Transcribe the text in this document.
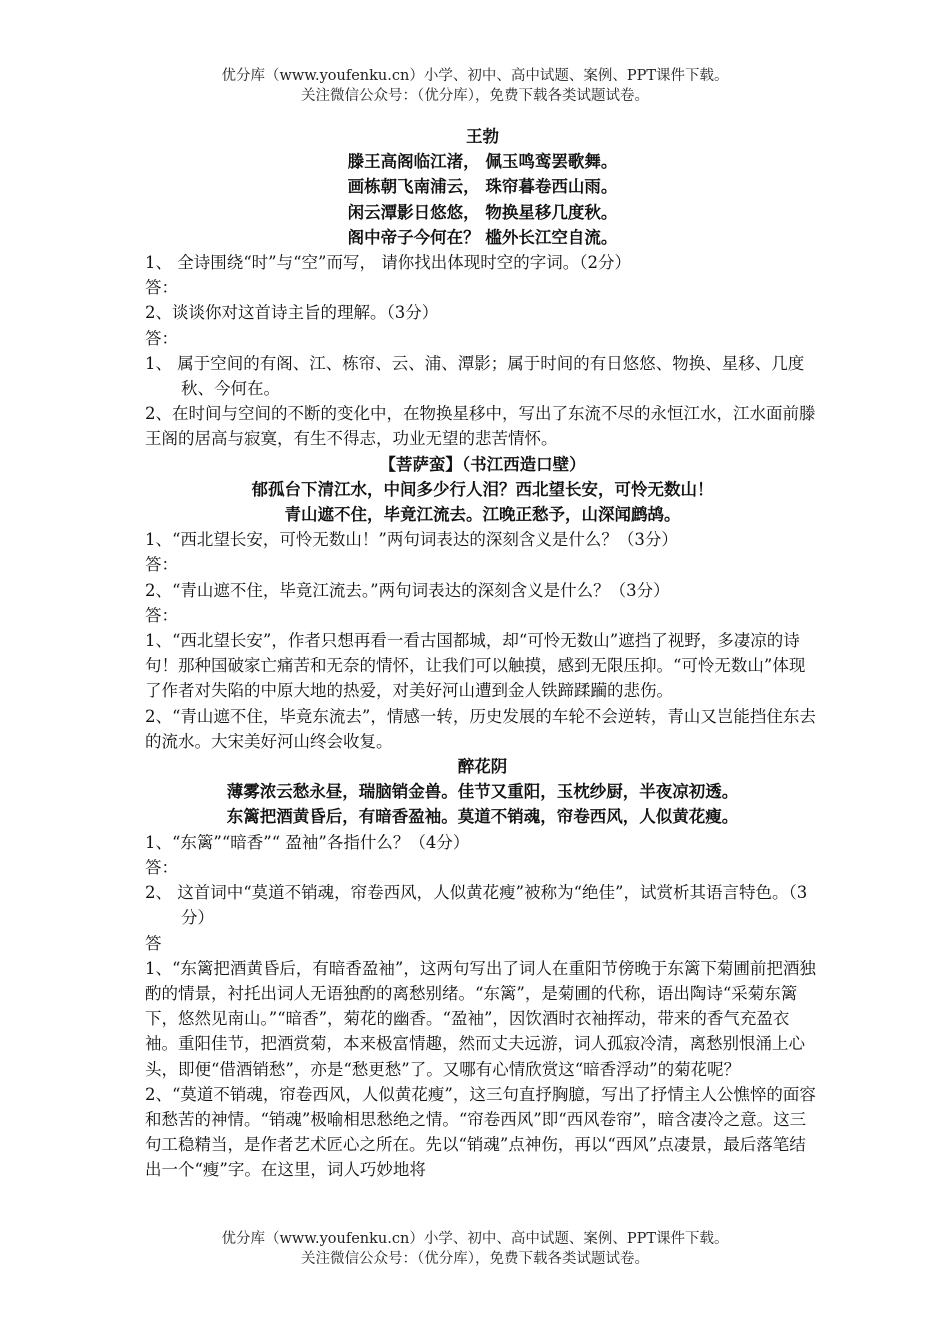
优分库（www.youfenku.cn）小学、初中、高中试题、案例、PPT课件下载。
关注微信公众号：（优分库），免费下载各类试题试卷。
王勃
滕王高阁临江渚， 佩玉鸣鸾罢歌舞。
画栋朝飞南浦云， 珠帘暮卷西山雨。
闲云潭影日悠悠， 物换星移几度秋。
阁中帝子今何在？ 槛外长江空自流。
1、 全诗围绕“时”与“空”而写， 请你找出体现时空的字词。（2分）
答：
2、谈谈你对这首诗主旨的理解。（3分）
答：
1、 属于空间的有阁、江、栋帘、云、浦、潭影；属于时间的有日悠悠、物换、星移、几度秋、今何在。
2、在时间与空间的不断的变化中，在物换星移中，写出了东流不尽的永恒江水，江水面前滕王阁的居高与寂寞，有生不得志，功业无望的悲苦情怀。
【菩萨蛮】（书江西造口壁）
郁孤台下清江水，中间多少行人泪？西北望长安，可怜无数山！
青山遮不住，毕竟江流去。江晚正愁予，山深闻鹧鸪。
1、“西北望长安，可怜无数山！”两句词表达的深刻含义是什么？（3分）
答：
2、“青山遮不住，毕竟江流去。”两句词表达的深刻含义是什么？（3分）
答：
1、“西北望长安”，作者只想再看一看古国都城，却“可怜无数山”遮挡了视野，多凄凉的诗句！那种国破家亡痛苦和无奈的情怀，让我们可以触摸，感到无限压抑。“可怜无数山”体现了作者对失陷的中原大地的热爱，对美好河山遭到金人铁蹄蹂躏的悲伤。
2、“青山遮不住，毕竟东流去”，情感一转，历史发展的车轮不会逆转，青山又岂能挡住东去的流水。大宋美好河山终会收复。
醉花阴
薄雾浓云愁永昼，瑞脑销金兽。佳节又重阳，玉枕纱厨，半夜凉初透。
东篱把酒黄昏后，有暗香盈袖。莫道不销魂，帘卷西风，人似黄花瘦。
1、“东篱”“暗香”“ 盈袖”各指什么？（4分）
答：
2、 这首词中“莫道不销魂，帘卷西风，人似黄花瘦”被称为“绝佳”，试赏析其语言特色。（3分）
答
1、“东篱把酒黄昏后，有暗香盈袖”，这两句写出了词人在重阳节傍晚于东篱下菊圃前把酒独酌的情景，衬托出词人无语独酌的离愁别绪。“东篱”，是菊圃的代称，语出陶诗“采菊东篱下，悠然见南山。”“暗香”，菊花的幽香。“盈袖”，因饮酒时衣袖挥动，带来的香气充盈衣袖。重阳佳节，把酒赏菊，本来极富情趣，然而丈夫远游，词人孤寂冷清，离愁别恨涌上心头，即便“借酒销愁”，亦是“愁更愁”了。又哪有心情欣赏这“暗香浮动”的菊花呢？
2、“莫道不销魂，帘卷西风，人似黄花瘦”，这三句直抒胸臆，写出了抒情主人公憔悴的面容和愁苦的神情。“销魂”极喻相思愁绝之情。“帘卷西风”即“西风卷帘”，暗含凄冷之意。这三句工稳精当，是作者艺术匠心之所在。先以“销魂”点神伤，再以“西风”点凄景，最后落笔结出一个“瘦”字。在这里，词人巧妙地将
优分库（www.youfenku.cn）小学、初中、高中试题、案例、PPT课件下载。
关注微信公众号：（优分库），免费下载各类试题试卷。
